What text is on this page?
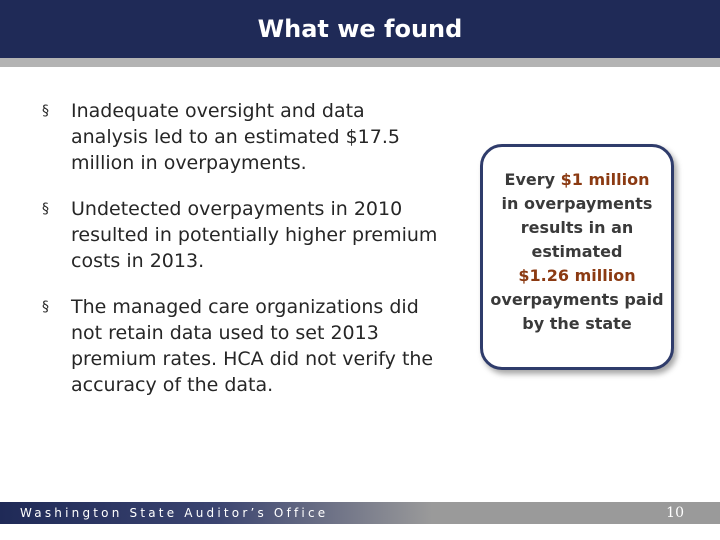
What we found
§ Inadequate oversight and data analysis led to an estimated $17.5 million in overpayments.
§ Undetected overpayments in 2010 resulted in potentially higher premium costs in 2013.
§ The managed care organizations did not retain data used to set 2013 premium rates. HCA did not verify the accuracy of the data.
Every $1 million
in overpayments
results in an
estimated
$1.26 million
overpayments paid
by the state
Washington State Auditor’s Office	10
